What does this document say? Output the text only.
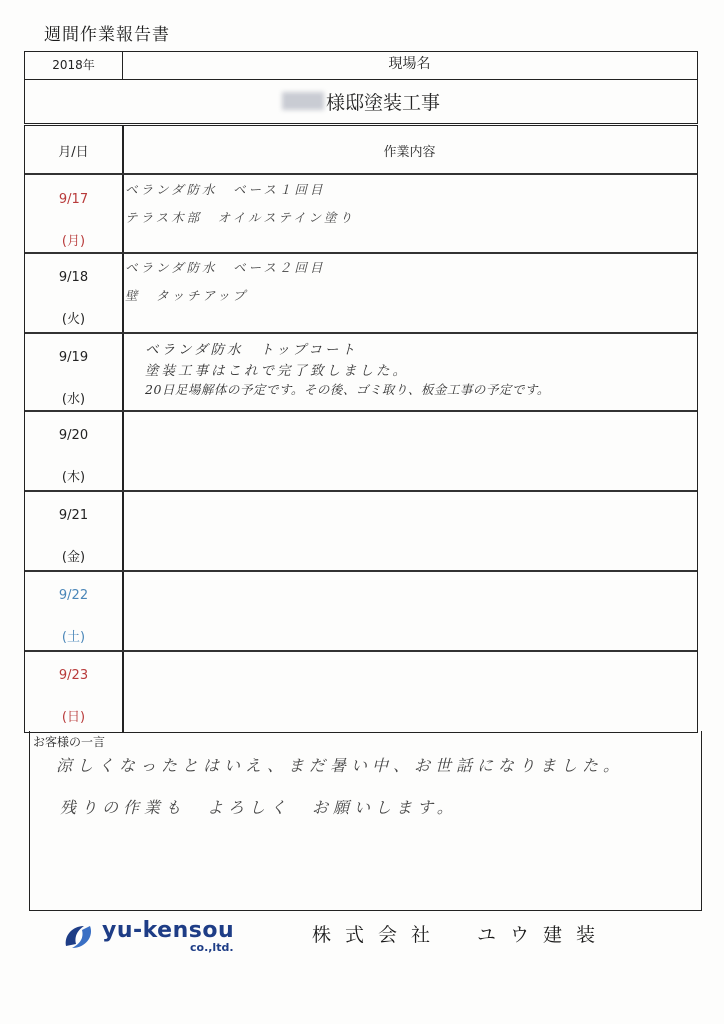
週間作業報告書
2018年	現場名
様邸塗装工事
月/日	作業内容
9/17
(月)
ベランダ防水　ベース１回目
テラス木部　オイルステイン塗り
9/18
(火)
ベランダ防水　ベース２回目
壁　タッチアップ
9/19
(水)
ベランダ防水　トップコート
塗装工事はこれで完了致しました。
20日足場解体の予定です。その後、ゴミ取り、板金工事の予定です。
9/20
(木)
9/21
(金)
9/22
(土)
9/23
(日)
お客様の一言
涼しくなったとはいえ、まだ暑い中、お世話になりました。
残りの作業も　よろしく　お願いします。
yu-kensou
co.,ltd.
株式会社　ユウ建装
